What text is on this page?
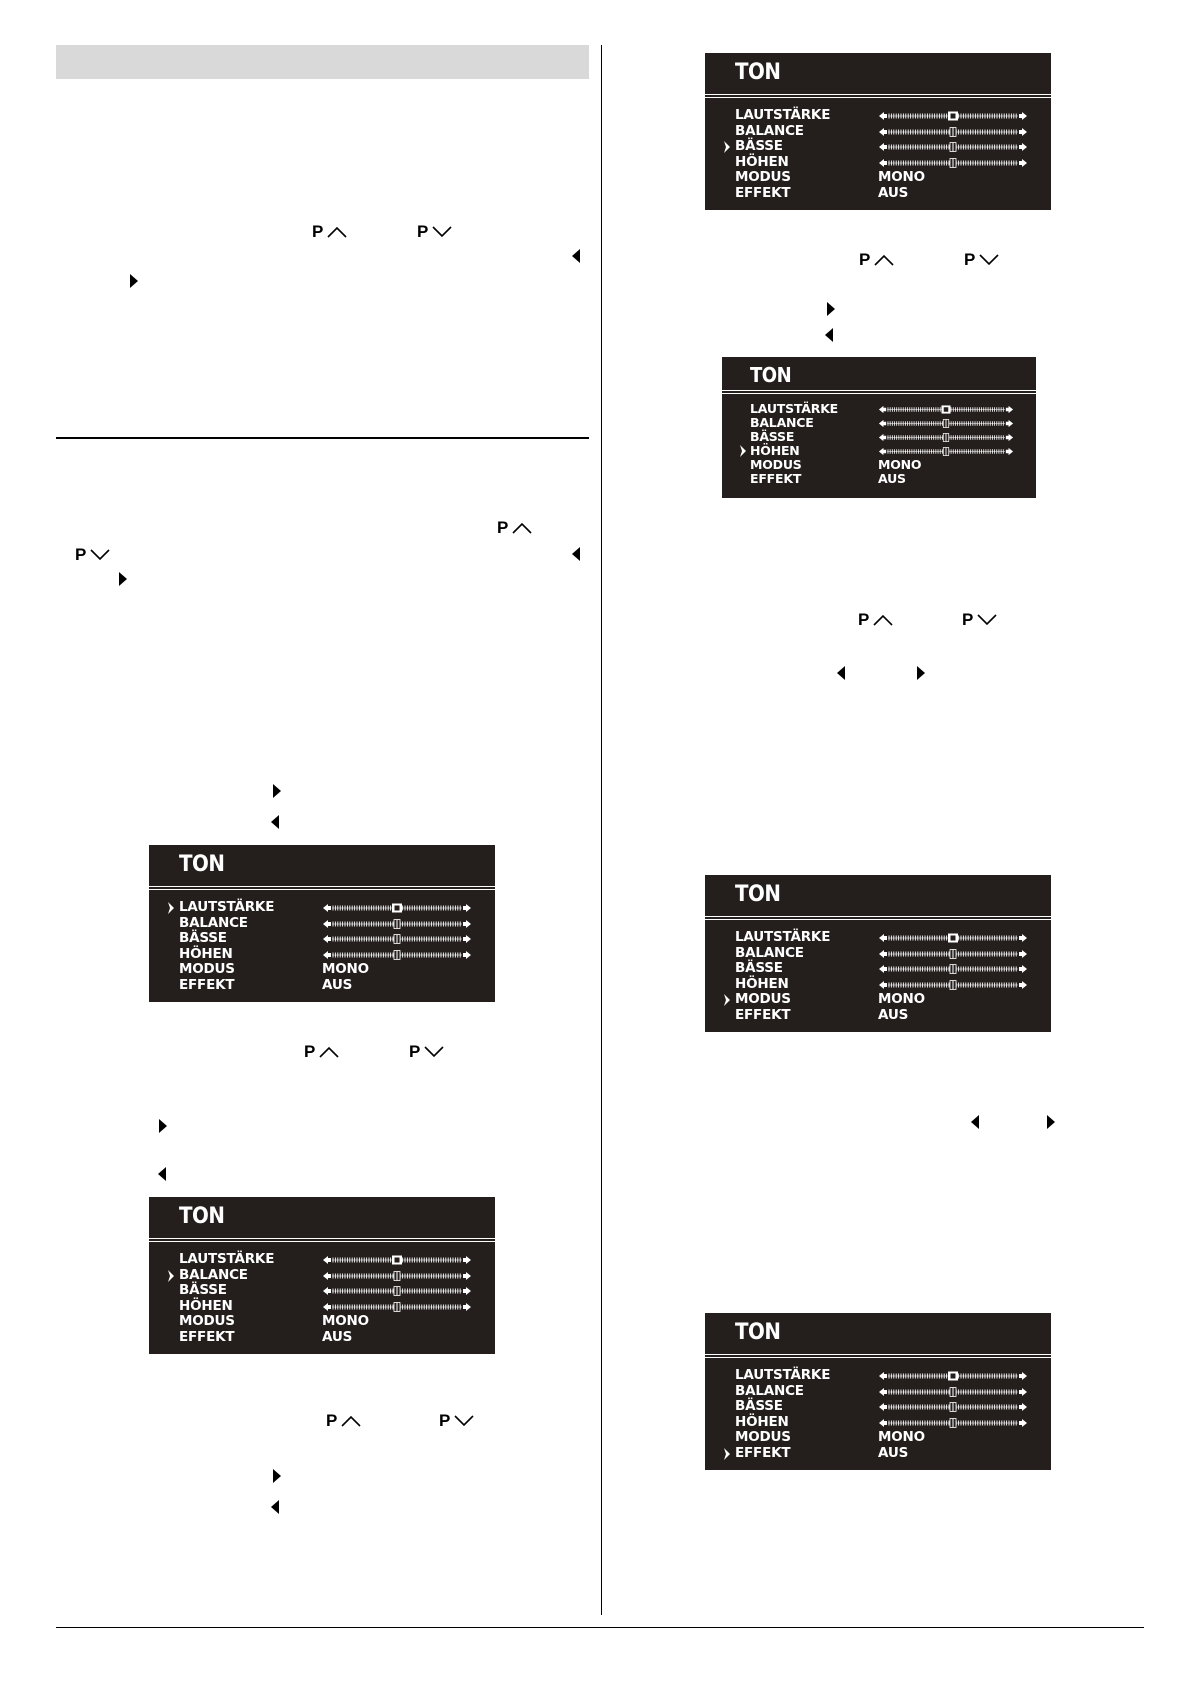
P	P
P
P
P	P
P	P
P	P
P	P
TON
LAUTSTÄRKE
BALANCE
BÄSSE
HÖHEN
MODUS	MONO
EFFEKT	AUS
TON
LAUTSTÄRKE
BALANCE
BÄSSE
HÖHEN
MODUS	MONO
EFFEKT	AUS
TON
LAUTSTÄRKE
BALANCE
BÄSSE
HÖHEN
MODUS	MONO
EFFEKT	AUS
TON
LAUTSTÄRKE
BALANCE
BÄSSE
HÖHEN
MODUS	MONO
EFFEKT	AUS
TON
LAUTSTÄRKE
BALANCE
BÄSSE
HÖHEN
MODUS	MONO
EFFEKT	AUS
TON
LAUTSTÄRKE
BALANCE
BÄSSE
HÖHEN
MODUS	MONO
EFFEKT	AUS
